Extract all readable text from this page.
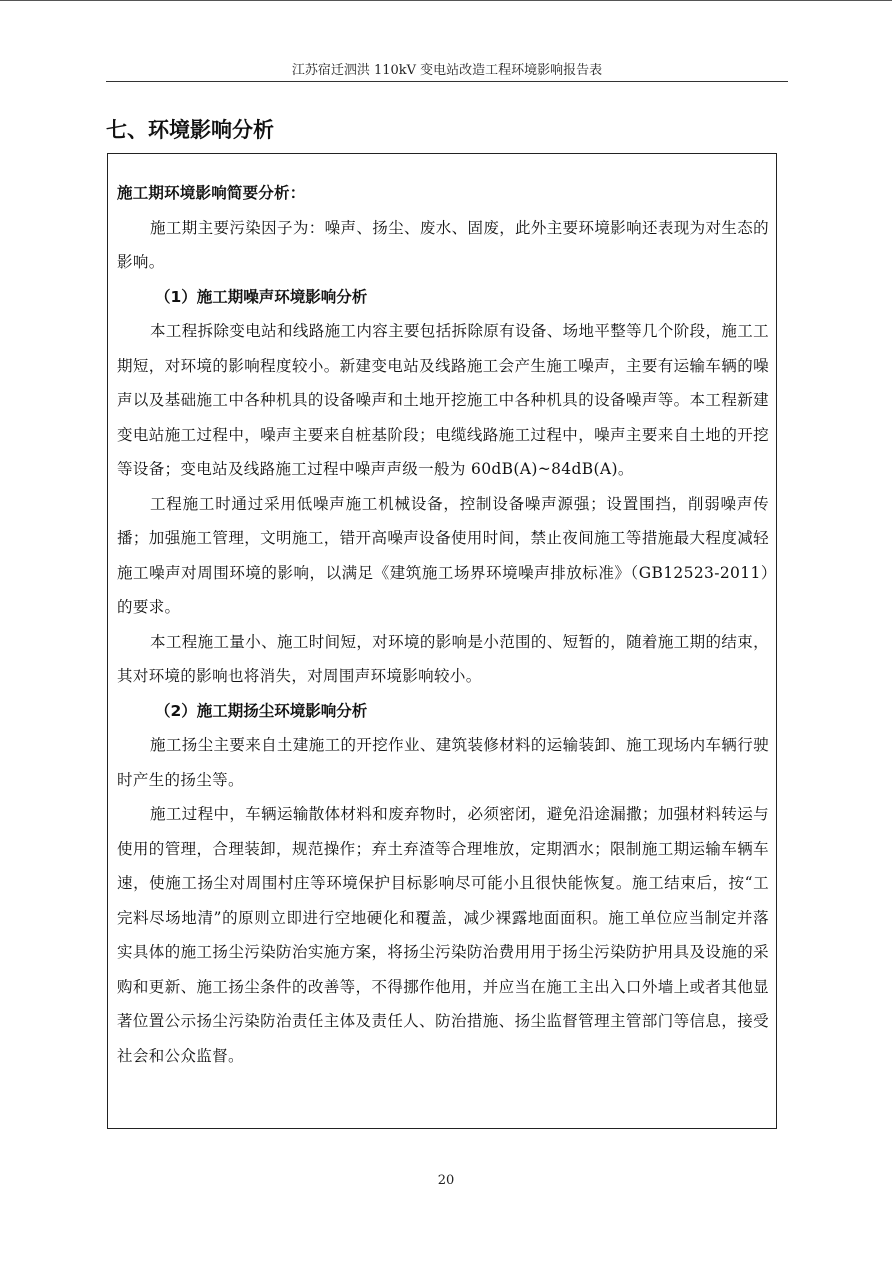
江苏宿迁泗洪 110kV 变电站改造工程环境影响报告表
七、环境影响分析

施工期环境影响简要分析：

施工期主要污染因子为：噪声、扬尘、废水、固废，此外主要环境影响还表现为对生态的影响。

（1）施工期噪声环境影响分析

本工程拆除变电站和线路施工内容主要包括拆除原有设备、场地平整等几个阶段，施工工期短，对环境的影响程度较小。新建变电站及线路施工会产生施工噪声，主要有运输车辆的噪声以及基础施工中各种机具的设备噪声和土地开挖施工中各种机具的设备噪声等。本工程新建变电站施工过程中，噪声主要来自桩基阶段；电缆线路施工过程中，噪声主要来自土地的开挖等设备；变电站及线路施工过程中噪声声级一般为 60dB(A)~84dB(A)。

工程施工时通过采用低噪声施工机械设备，控制设备噪声源强；设置围挡，削弱噪声传播；加强施工管理，文明施工，错开高噪声设备使用时间，禁止夜间施工等措施最大程度减轻施工噪声对周围环境的影响，以满足《建筑施工场界环境噪声排放标准》（GB12523-2011）的要求。

本工程施工量小、施工时间短，对环境的影响是小范围的、短暂的，随着施工期的结束，其对环境的影响也将消失，对周围声环境影响较小。

（2）施工期扬尘环境影响分析

施工扬尘主要来自土建施工的开挖作业、建筑装修材料的运输装卸、施工现场内车辆行驶时产生的扬尘等。

施工过程中，车辆运输散体材料和废弃物时，必须密闭，避免沿途漏撒；加强材料转运与使用的管理，合理装卸，规范操作；弃土弃渣等合理堆放，定期洒水；限制施工期运输车辆车速，使施工扬尘对周围村庄等环境保护目标影响尽可能小且很快能恢复。施工结束后，按“工完料尽场地清”的原则立即进行空地硬化和覆盖，减少裸露地面面积。施工单位应当制定并落实具体的施工扬尘污染防治实施方案，将扬尘污染防治费用用于扬尘污染防护用具及设施的采购和更新、施工扬尘条件的改善等，不得挪作他用，并应当在施工主出入口外墙上或者其他显著位置公示扬尘污染防治责任主体及责任人、防治措施、扬尘监督管理主管部门等信息，接受社会和公众监督。

20
